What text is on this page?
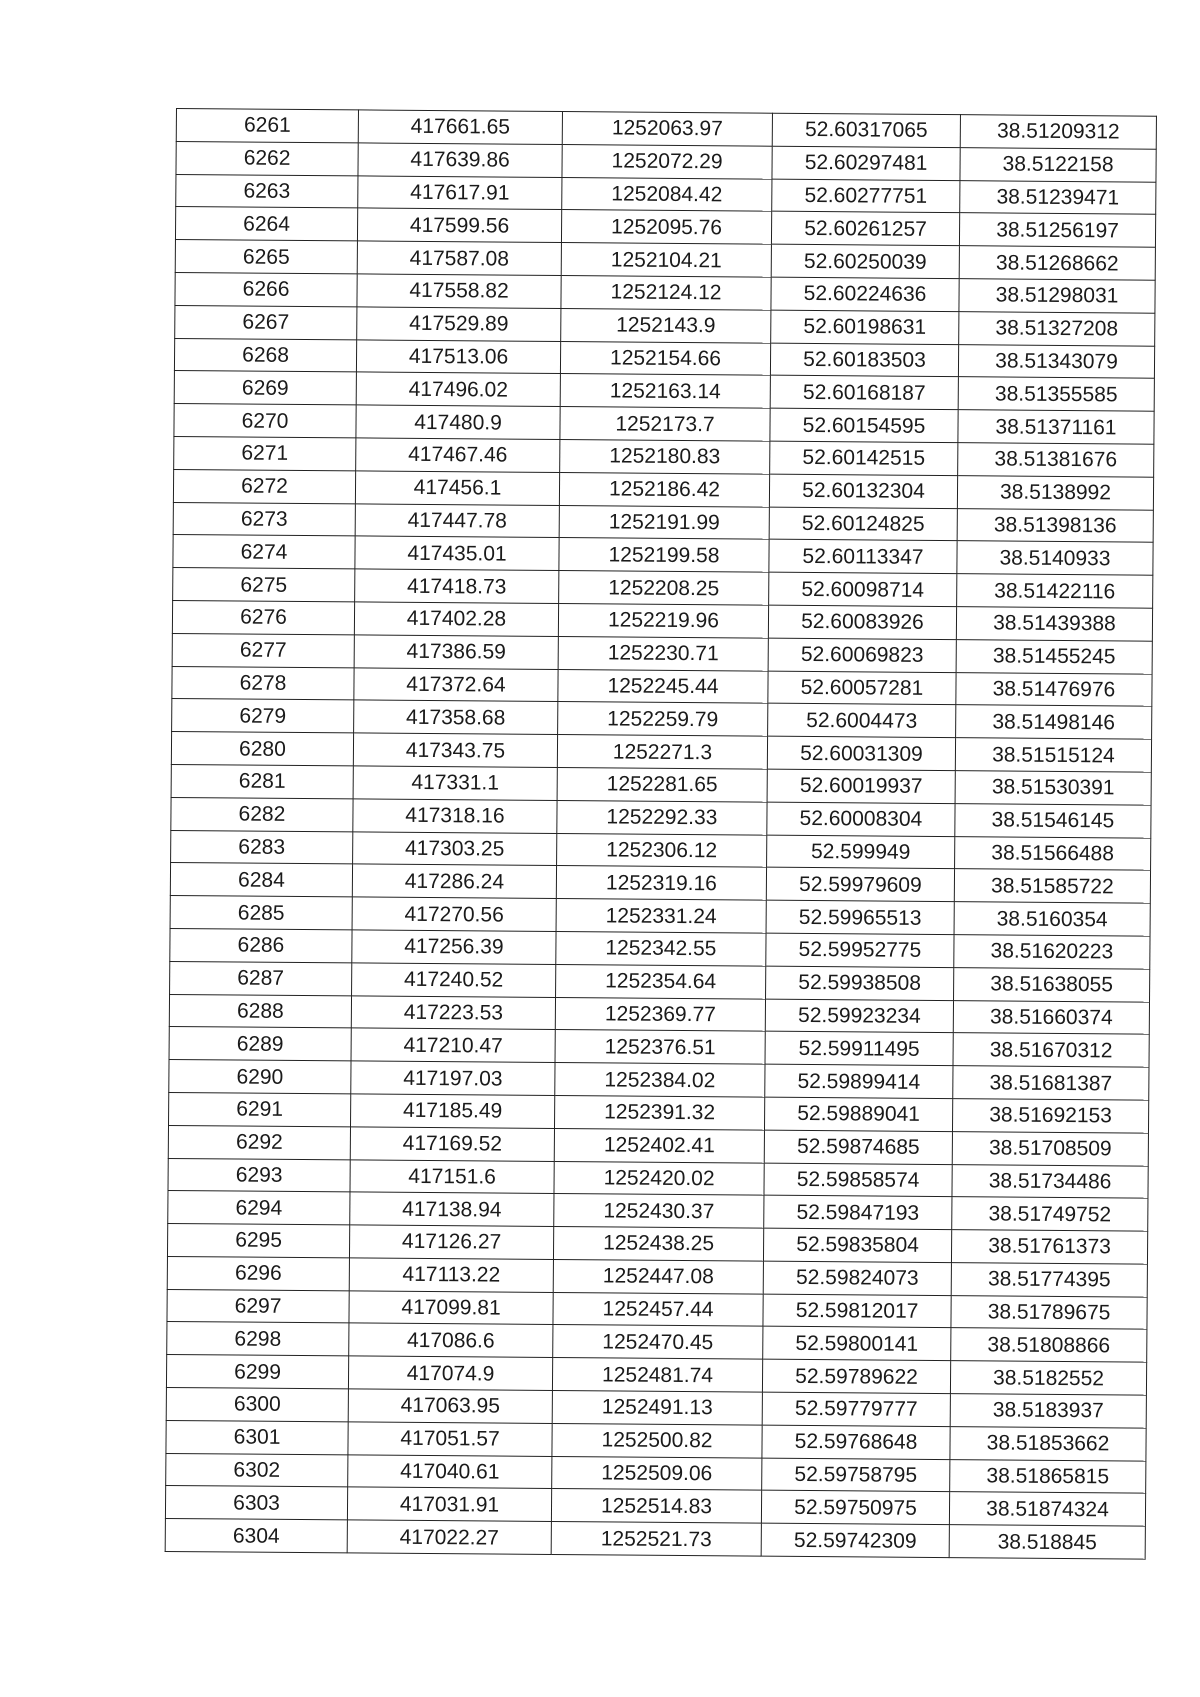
6261	417661.65	1252063.97	52.60317065	38.51209312
6262	417639.86	1252072.29	52.60297481	38.5122158
6263	417617.91	1252084.42	52.60277751	38.51239471
6264	417599.56	1252095.76	52.60261257	38.51256197
6265	417587.08	1252104.21	52.60250039	38.51268662
6266	417558.82	1252124.12	52.60224636	38.51298031
6267	417529.89	1252143.9	52.60198631	38.51327208
6268	417513.06	1252154.66	52.60183503	38.51343079
6269	417496.02	1252163.14	52.60168187	38.51355585
6270	417480.9	1252173.7	52.60154595	38.51371161
6271	417467.46	1252180.83	52.60142515	38.51381676
6272	417456.1	1252186.42	52.60132304	38.5138992
6273	417447.78	1252191.99	52.60124825	38.51398136
6274	417435.01	1252199.58	52.60113347	38.5140933
6275	417418.73	1252208.25	52.60098714	38.51422116
6276	417402.28	1252219.96	52.60083926	38.51439388
6277	417386.59	1252230.71	52.60069823	38.51455245
6278	417372.64	1252245.44	52.60057281	38.51476976
6279	417358.68	1252259.79	52.6004473	38.51498146
6280	417343.75	1252271.3	52.60031309	38.51515124
6281	417331.1	1252281.65	52.60019937	38.51530391
6282	417318.16	1252292.33	52.60008304	38.51546145
6283	417303.25	1252306.12	52.599949	38.51566488
6284	417286.24	1252319.16	52.59979609	38.51585722
6285	417270.56	1252331.24	52.59965513	38.5160354
6286	417256.39	1252342.55	52.59952775	38.51620223
6287	417240.52	1252354.64	52.59938508	38.51638055
6288	417223.53	1252369.77	52.59923234	38.51660374
6289	417210.47	1252376.51	52.59911495	38.51670312
6290	417197.03	1252384.02	52.59899414	38.51681387
6291	417185.49	1252391.32	52.59889041	38.51692153
6292	417169.52	1252402.41	52.59874685	38.51708509
6293	417151.6	1252420.02	52.59858574	38.51734486
6294	417138.94	1252430.37	52.59847193	38.51749752
6295	417126.27	1252438.25	52.59835804	38.51761373
6296	417113.22	1252447.08	52.59824073	38.51774395
6297	417099.81	1252457.44	52.59812017	38.51789675
6298	417086.6	1252470.45	52.59800141	38.51808866
6299	417074.9	1252481.74	52.59789622	38.5182552
6300	417063.95	1252491.13	52.59779777	38.5183937
6301	417051.57	1252500.82	52.59768648	38.51853662
6302	417040.61	1252509.06	52.59758795	38.51865815
6303	417031.91	1252514.83	52.59750975	38.51874324
6304	417022.27	1252521.73	52.59742309	38.518845
